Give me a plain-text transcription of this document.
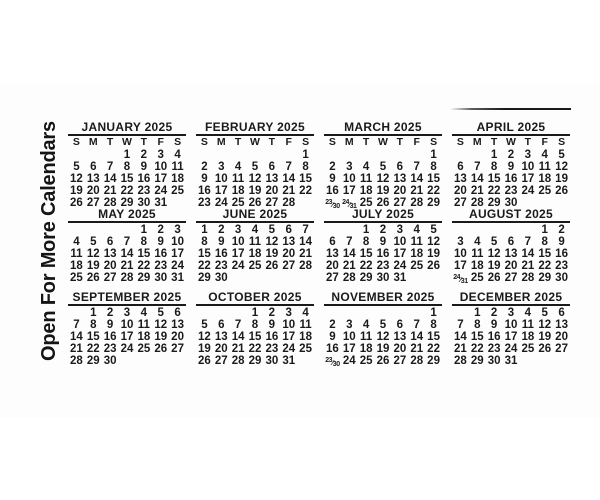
Open For More Calendars	JANUARY 2025
S M T W T F S
1 2 3 4
5 6 7 8 9 10 11
12 13 14 15 16 17 18
19 20 21 22 23 24 25
26 27 28 29 30 31
FEBRUARY 2025
S M T W T F S
1
2 3 4 5 6 7 8
9 10 11 12 13 14 15
16 17 18 19 20 21 22
23 24 25 26 27 28
MARCH 2025
S M T W T F S
1
2 3 4 5 6 7 8
9 10 11 12 13 14 15
16 17 18 19 20 21 22
$^{23}⁄_{30}$
$^{24}⁄_{31}$ 25 26 27 28 29
APRIL 2025
S M T W T F S
1 2 3 4 5
6 7 8 9 10 11 12
13 14 15 16 17 18 19
20 21 22 23 24 25 26
27 28 29 30
MAY 2025
1 2 3
4 5 6 7 8 9 10
11 12 13 14 15 16 17
18 19 20 21 22 23 24
25 26 27 28 29 30 31
JUNE 2025
1 2 3 4 5 6 7
8 9 10 11 12 13 14
15 16 17 18 19 20 21
22 23 24 25 26 27 28
29 30
JULY 2025
1 2 3 4 5
6 7 8 9 10 11 12
13 14 15 16 17 18 19
20 21 22 23 24 25 26
27 28 29 30 31
AUGUST 2025
1 2
3 4 5 6 7 8 9
10 11 12 13 14 15 16
17 18 19 20 21 22 23
$^{24}⁄_{31}$ 25 26 27 28 29 30
SEPTEMBER 2025
1 2 3 4 5 6
7 8 9 10 11 12 13
14 15 16 17 18 19 20
21 22 23 24 25 26 27
28 29 30
OCTOBER 2025
1 2 3 4
5 6 7 8 9 10 11
12 13 14 15 16 17 18
19 20 21 22 23 24 25
26 27 28 29 30 31
NOVEMBER 2025
1
2 3 4 5 6 7 8
9 10 11 12 13 14 15
16 17 18 19 20 21 22
$^{23}⁄_{30}$ 24 25 26 27 28 29
DECEMBER 2025
1 2 3 4 5 6
7 8 9 10 11 12 13
14 15 16 17 18 19 20
21 22 23 24 25 26 27
28 29 30 31
